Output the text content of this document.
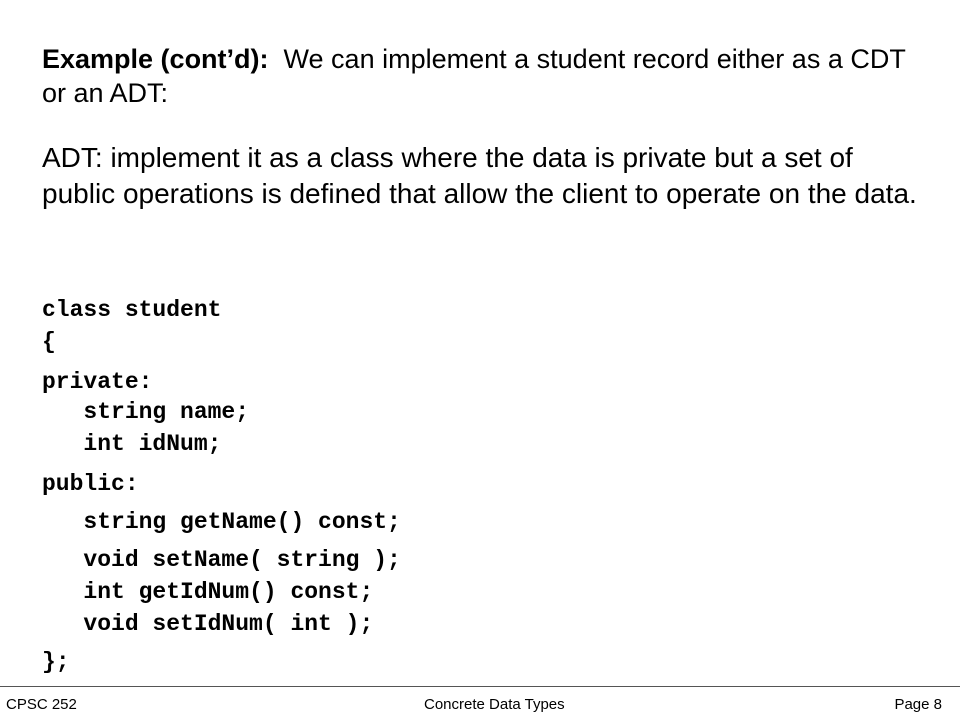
Example (cont’d): We can implement a student record either as a CDT or an ADT:
ADT: implement it as a class where the data is private but a set of public operations is defined that allow the client to operate on the data.
class student
{
private:
string name;
int idNum;
public:
string getName() const;
void setName( string );
int getIdNum() const;
void setIdNum( int );
};
CPSC 252	Concrete Data Types	Page 8
